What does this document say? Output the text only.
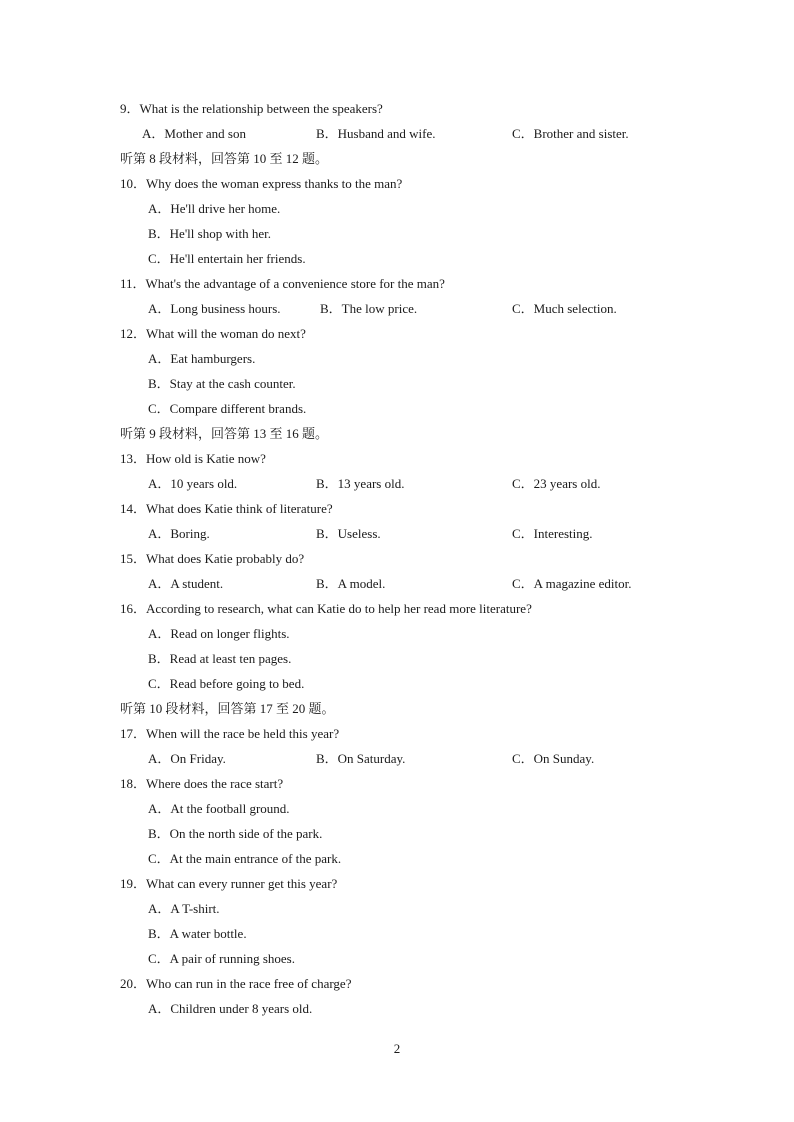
9．What is the relationship between the speakers?
A．Mother and son	B．Husband and wife.	C．Brother and sister.
听第 8 段材料，回答第 10 至 12 题。
10．Why does the woman express thanks to the man?
A．He'll drive her home.
B．He'll shop with her.
C．He'll entertain her friends.
11．What's the advantage of a convenience store for the man?
A．Long business hours.	B．The low price.	C．Much selection.
12．What will the woman do next?
A．Eat hamburgers.
B．Stay at the cash counter.
C．Compare different brands.
听第 9 段材料，回答第 13 至 16 题。
13．How old is Katie now?
A．10 years old.	B．13 years old.	C．23 years old.
14．What does Katie think of literature?
A．Boring.	B．Useless.	C．Interesting.
15．What does Katie probably do?
A．A student.	B．A model.	C．A magazine editor.
16．According to research, what can Katie do to help her read more literature?
A．Read on longer flights.
B．Read at least ten pages.
C．Read before going to bed.
听第 10 段材料，回答第 17 至 20 题。
17．When will the race be held this year?
A．On Friday.	B．On Saturday.	C．On Sunday.
18．Where does the race start?
A．At the football ground.
B．On the north side of the park.
C．At the main entrance of the park.
19．What can every runner get this year?
A．A T-shirt.
B．A water bottle.
C．A pair of running shoes.
20．Who can run in the race free of charge?
A．Children under 8 years old.
2
